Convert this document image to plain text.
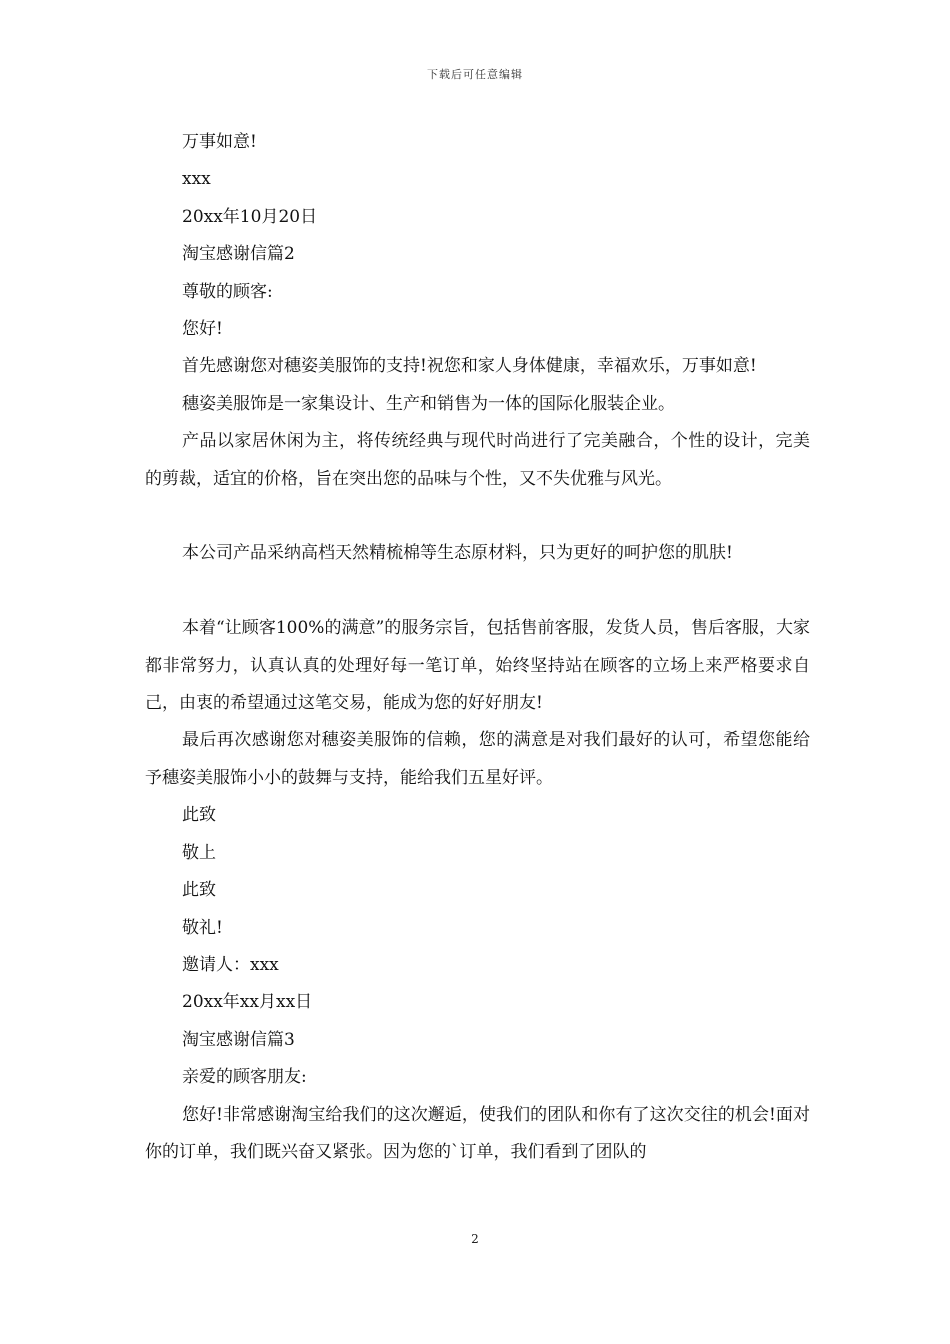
下载后可任意编辑
万事如意!
xxx
20xx年10月20日
淘宝感谢信篇2
尊敬的顾客:
您好!
首先感谢您对穗姿美服饰的支持!祝您和家人身体健康，幸福欢乐，万事如意!
穗姿美服饰是一家集设计、生产和销售为一体的国际化服装企业。
产品以家居休闲为主，将传统经典与现代时尚进行了完美融合，个性的设计，完美的剪裁，适宜的价格，旨在突出您的品味与个性，又不失优雅与风光。
本公司产品采纳高档天然精梳棉等生态原材料，只为更好的呵护您的肌肤!
本着“让顾客100%的满意”的服务宗旨，包括售前客服，发货人员，售后客服，大家都非常努力，认真认真的处理好每一笔订单，始终坚持站在顾客的立场上来严格要求自己，由衷的希望通过这笔交易，能成为您的好好朋友!
最后再次感谢您对穗姿美服饰的信赖，您的满意是对我们最好的认可，希望您能给予穗姿美服饰小小的鼓舞与支持，能给我们五星好评。
此致
敬上
此致
敬礼!
邀请人：xxx
20xx年xx月xx日
淘宝感谢信篇3
亲爱的顾客朋友:
您好!非常感谢淘宝给我们的这次邂逅，使我们的团队和你有了这次交往的机会!面对你的订单，我们既兴奋又紧张。因为您的`订单，我们看到了团队的
2
